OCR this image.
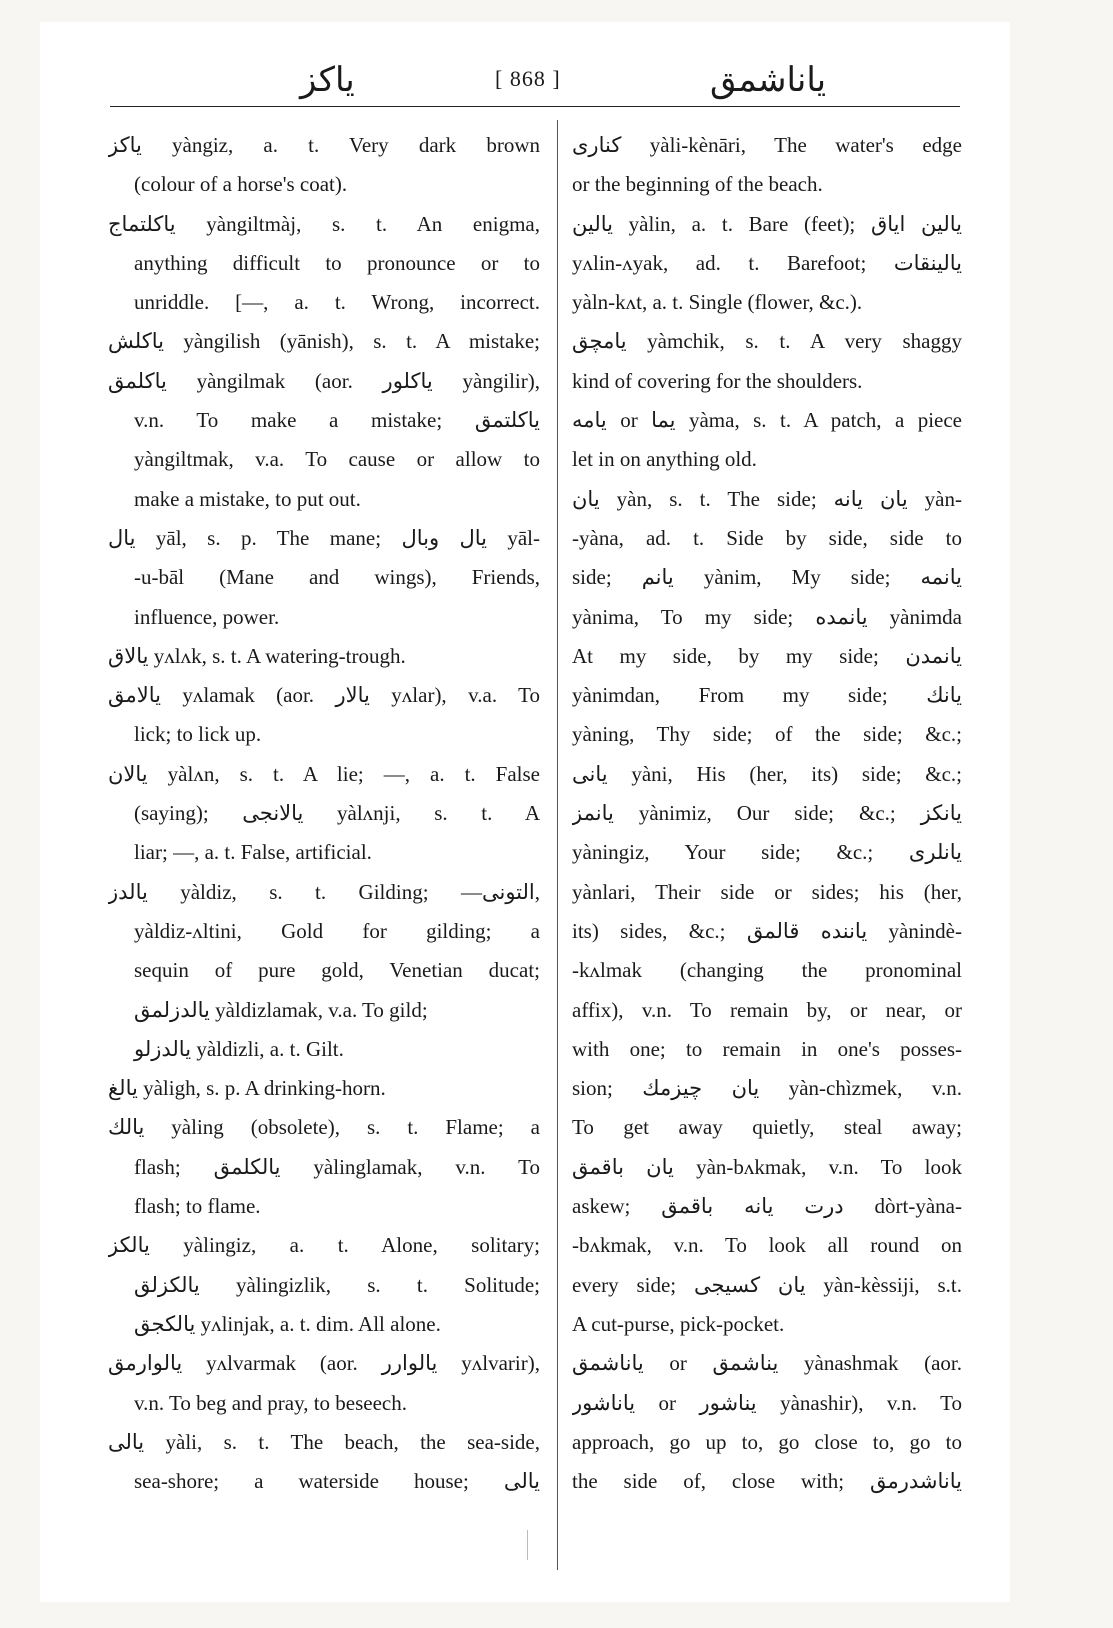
یاکز	[ 868 ]	یاناشمق
یاکز yàngiz, a. t. Very dark brown
(colour of a horse's coat).
یاکلتماج yàngiltmàj, s. t. An enigma,
anything difficult to pronounce or to
unriddle. [—, a. t. Wrong, incorrect.
یاکلش yàngilish (yānish), s. t. A mistake;
یاکلمق yàngilmak (aor. یاکلور yàngilir),
v.n. To make a mistake; یاکلتمق
yàngiltmak, v.a. To cause or allow to
make a mistake, to put out.
یال yāl, s. p. The mane; یال وبال yāl-
-u-bāl (Mane and wings), Friends,
influence, power.
یالاق yʌlʌk, s. t. A watering-trough.
یالامق yʌlamak (aor. یالار yʌlar), v.a. To
lick; to lick up.
یالان yàlʌn, s. t. A lie; —, a. t. False
(saying); یالانجی yàlʌnji, s. t. A
liar; —, a. t. False, artificial.
یالدز yàldiz, s. t. Gilding; —التونی,
yàldiz-ʌltini, Gold for gilding; a
sequin of pure gold, Venetian ducat;
یالدزلمق yàldizlamak, v.a. To gild;
یالدزلو yàldizli, a. t. Gilt.
یالغ yàligh, s. p. A drinking-horn.
یالك yàling (obsolete), s. t. Flame; a
flash; یالکلمق yàlinglamak, v.n. To
flash; to flame.
یالکز yàlingiz, a. t. Alone, solitary;
یالکزلق yàlingizlik, s. t. Solitude;
یالکجق yʌlinjak, a. t. dim. All alone.
یالوارمق yʌlvarmak (aor. یالوارر yʌlvarir),
v.n. To beg and pray, to beseech.
یالی yàli, s. t. The beach, the sea-side,
sea-shore; a waterside house; یالی
کناری yàli-kènāri, The water's edge
or the beginning of the beach.
یالین yàlin, a. t. Bare (feet); یالین ایاق
yʌlin-ʌyak, ad. t. Barefoot; یالینقات
yàln-kʌt, a. t. Single (flower, &c.).
یامچق yàmchik, s. t. A very shaggy
kind of covering for the shoulders.
یامه or یما yàma, s. t. A patch, a piece
let in on anything old.
یان yàn, s. t. The side; یان یانه yàn-
-yàna, ad. t. Side by side, side to
side; یانم yànim, My side; یانمه
yànima, To my side; یانمده yànimda
At my side, by my side; یانمدن
yànimdan, From my side; یانك
yàning, Thy side; of the side; &c.;
یانی yàni, His (her, its) side; &c.;
یانمز yànimiz, Our side; &c.; یانکز
yàningiz, Your side; &c.; یانلری
yànlari, Their side or sides; his (her,
its) sides, &c.; یاننده قالمق yànindè-
-kʌlmak (changing the pronominal
affix), v.n. To remain by, or near, or
with one; to remain in one's posses-
sion; یان چیزمك yàn-chìzmek, v.n.
To get away quietly, steal away;
یان باقمق yàn-bʌkmak, v.n. To look
askew; درت یانه باقمق dòrt-yàna-
-bʌkmak, v.n. To look all round on
every side; یان کسیجی yàn-kèssiji, s.t.
A cut-purse, pick-pocket.
یاناشمق or یناشمق yànashmak (aor.
یاناشور or یناشور yànashir), v.n. To
approach, go up to, go close to, go to
the side of, close with; یاناشدرمق
